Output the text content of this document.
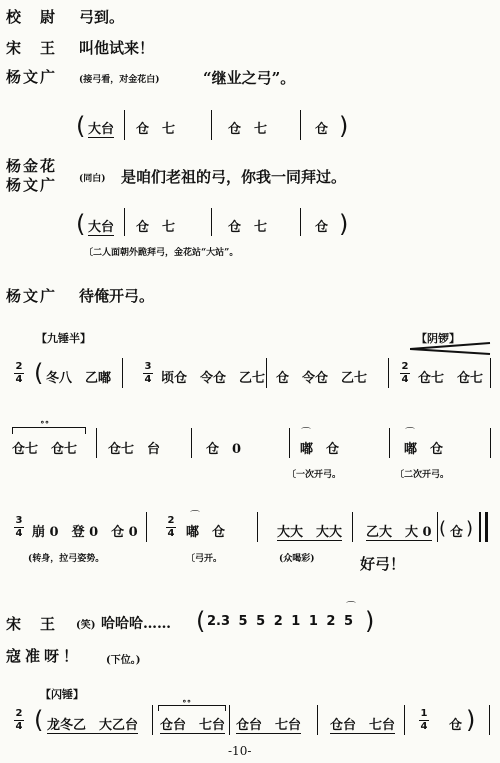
校　尉 弓到。
宋　王 叫他试来！
杨文广 (接弓看，对金花白)	“继业之弓”。
( 大台 仓　七	仓　七	仓 )
杨金花
杨文广 (同白) 是咱们老祖的弓，你我一同拜过。
( 大台 仓　七	仓　七	仓 )
〔二人面朝外跪拜弓，金花站“大站”。
杨文广 待俺开弓。
【九锤半】	【阴锣】
2
4 ( 冬八　乙嘟
3
4 顷仓　令仓　乙七 仓　令仓　乙七
2
4 仓七　仓七
∘∘
仓七　仓七 仓七　台	仓　0
⌒
嘟　仓
⌒
嘟　仓
〔一次开弓。	〔二次开弓。
3
4 崩 0　登 0　仓 0
2
4
⌒
嘟　仓	大大　大大 乙大　大 0 ( 仓 )
(转身，拉弓姿势。	〔弓开。	(众喝彩)	好弓！
宋　王 (笑) 哈哈哈…… ( 2.3 5 5 2 1 1 2 5
⌒ )
寇准呀！ (下位。)
【闪锤】
2
4 ( 龙冬乙　大乙台
∘∘
仓台　七台 仓台　七台 仓台　七台
1
4 仓 )
-10-
